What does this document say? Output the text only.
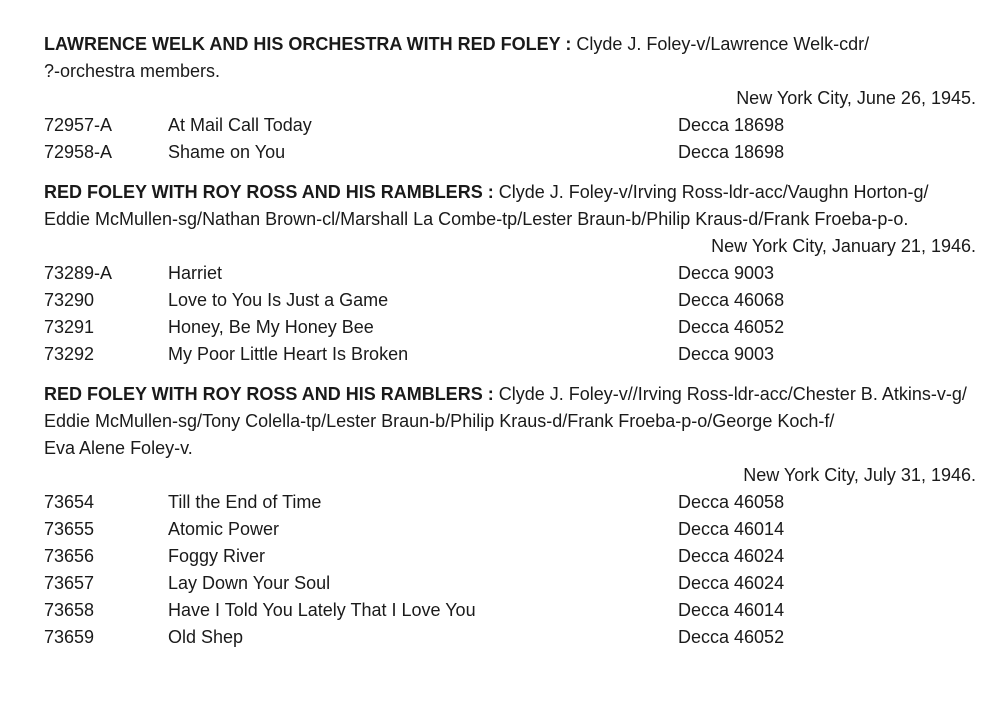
LAWRENCE WELK AND HIS ORCHESTRA WITH RED FOLEY : Clyde J. Foley-v/Lawrence Welk-cdr/
?-orchestra members.
New York City, June 26, 1945.
72957-A	At Mail Call Today	Decca 18698
72958-A	Shame on You	Decca 18698
RED FOLEY WITH ROY ROSS AND HIS RAMBLERS : Clyde J. Foley-v/Irving Ross-ldr-acc/Vaughn Horton-g/
Eddie McMullen-sg/Nathan Brown-cl/Marshall La Combe-tp/Lester Braun-b/Philip Kraus-d/Frank Froeba-p-o.
New York City, January 21, 1946.
73289-A	Harriet	Decca 9003
73290	Love to You Is Just a Game	Decca 46068
73291	Honey, Be My Honey Bee	Decca 46052
73292	My Poor Little Heart Is Broken	Decca 9003
RED FOLEY WITH ROY ROSS AND HIS RAMBLERS : Clyde J. Foley-v//Irving Ross-ldr-acc/Chester B. Atkins-v-g/
Eddie McMullen-sg/Tony Colella-tp/Lester Braun-b/Philip Kraus-d/Frank Froeba-p-o/George Koch-f/
Eva Alene Foley-v.
New York City, July 31, 1946.
73654	Till the End of Time	Decca 46058
73655	Atomic Power	Decca 46014
73656	Foggy River	Decca 46024
73657	Lay Down Your Soul	Decca 46024
73658	Have I Told You Lately That I Love You	Decca 46014
73659	Old Shep	Decca 46052
